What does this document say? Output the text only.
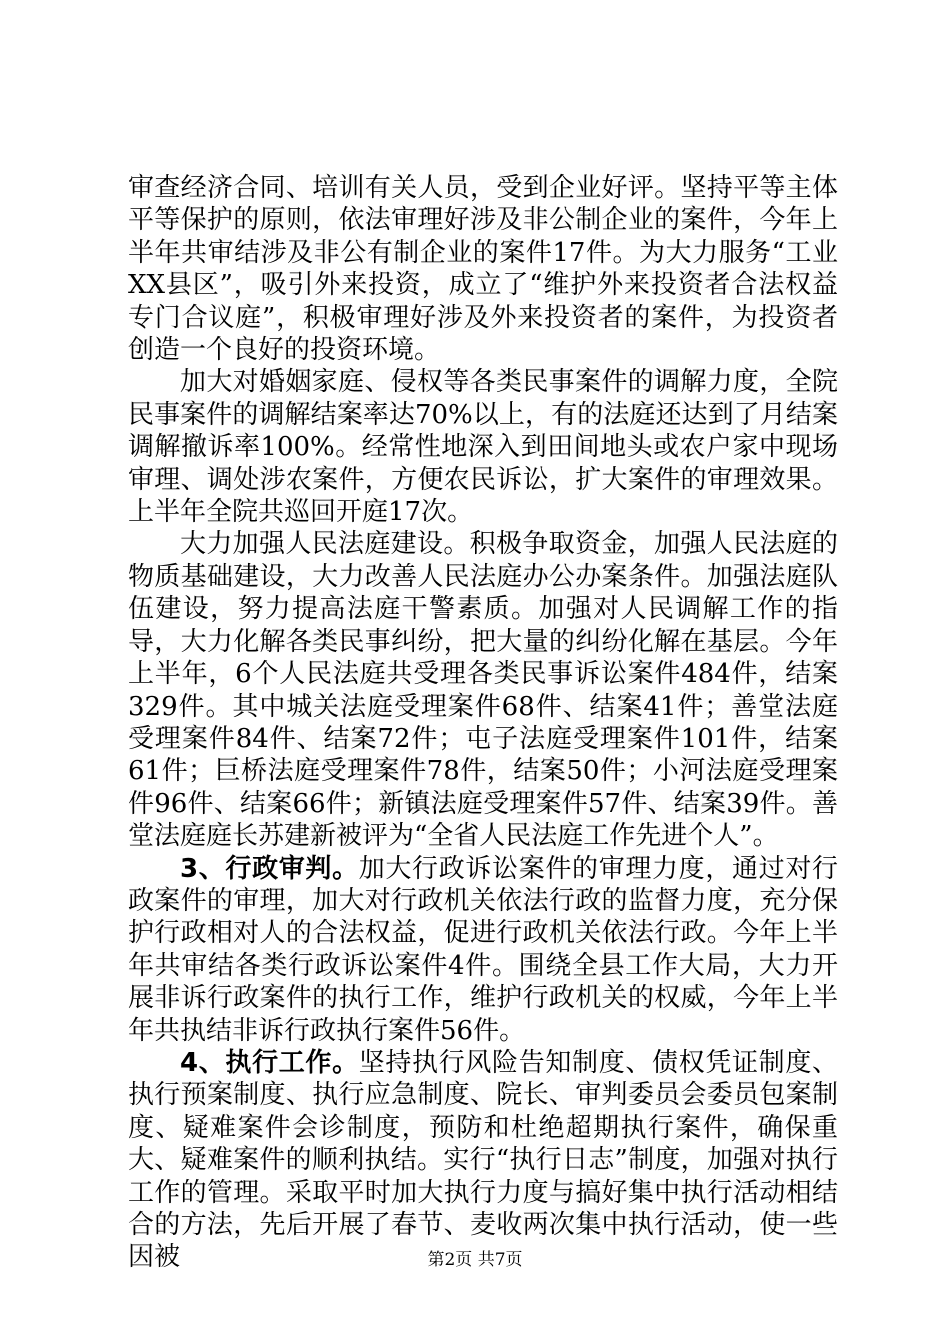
审查经济合同、培训有关人员，受到企业好评。坚持平等主体平等保护的原则，依法审理好涉及非公制企业的案件，今年上半年共审结涉及非公有制企业的案件17件。为大力服务“工业XX县区”，吸引外来投资，成立了“维护外来投资者合法权益专门合议庭”，积极审理好涉及外来投资者的案件，为投资者创造一个良好的投资环境。

加大对婚姻家庭、侵权等各类民事案件的调解力度，全院民事案件的调解结案率达70%以上，有的法庭还达到了月结案调解撤诉率100%。经常性地深入到田间地头或农户家中现场审理、调处涉农案件，方便农民诉讼，扩大案件的审理效果。上半年全院共巡回开庭17次。

大力加强人民法庭建设。积极争取资金，加强人民法庭的物质基础建设，大力改善人民法庭办公办案条件。加强法庭队伍建设，努力提高法庭干警素质。加强对人民调解工作的指导，大力化解各类民事纠纷，把大量的纠纷化解在基层。今年上半年，6个人民法庭共受理各类民事诉讼案件484件，结案329件。其中城关法庭受理案件68件、结案41件；善堂法庭受理案件84件、结案72件；屯子法庭受理案件101件，结案61件；巨桥法庭受理案件78件，结案50件；小河法庭受理案件96件、结案66件；新镇法庭受理案件57件、结案39件。善堂法庭庭长苏建新被评为“全省人民法庭工作先进个人”。

3、行政审判。加大行政诉讼案件的审理力度，通过对行政案件的审理，加大对行政机关依法行政的监督力度，充分保护行政相对人的合法权益，促进行政机关依法行政。今年上半年共审结各类行政诉讼案件4件。围绕全县工作大局，大力开展非诉行政案件的执行工作，维护行政机关的权威，今年上半年共执结非诉行政执行案件56件。

4、执行工作。坚持执行风险告知制度、债权凭证制度、执行预案制度、执行应急制度、院长、审判委员会委员包案制度、疑难案件会诊制度，预防和杜绝超期执行案件，确保重大、疑难案件的顺利执结。实行“执行日志”制度，加强对执行工作的管理。采取平时加大执行力度与搞好集中执行活动相结合的方法，先后开展了春节、麦收两次集中执行活动，使一些因被	第2页 共7页
